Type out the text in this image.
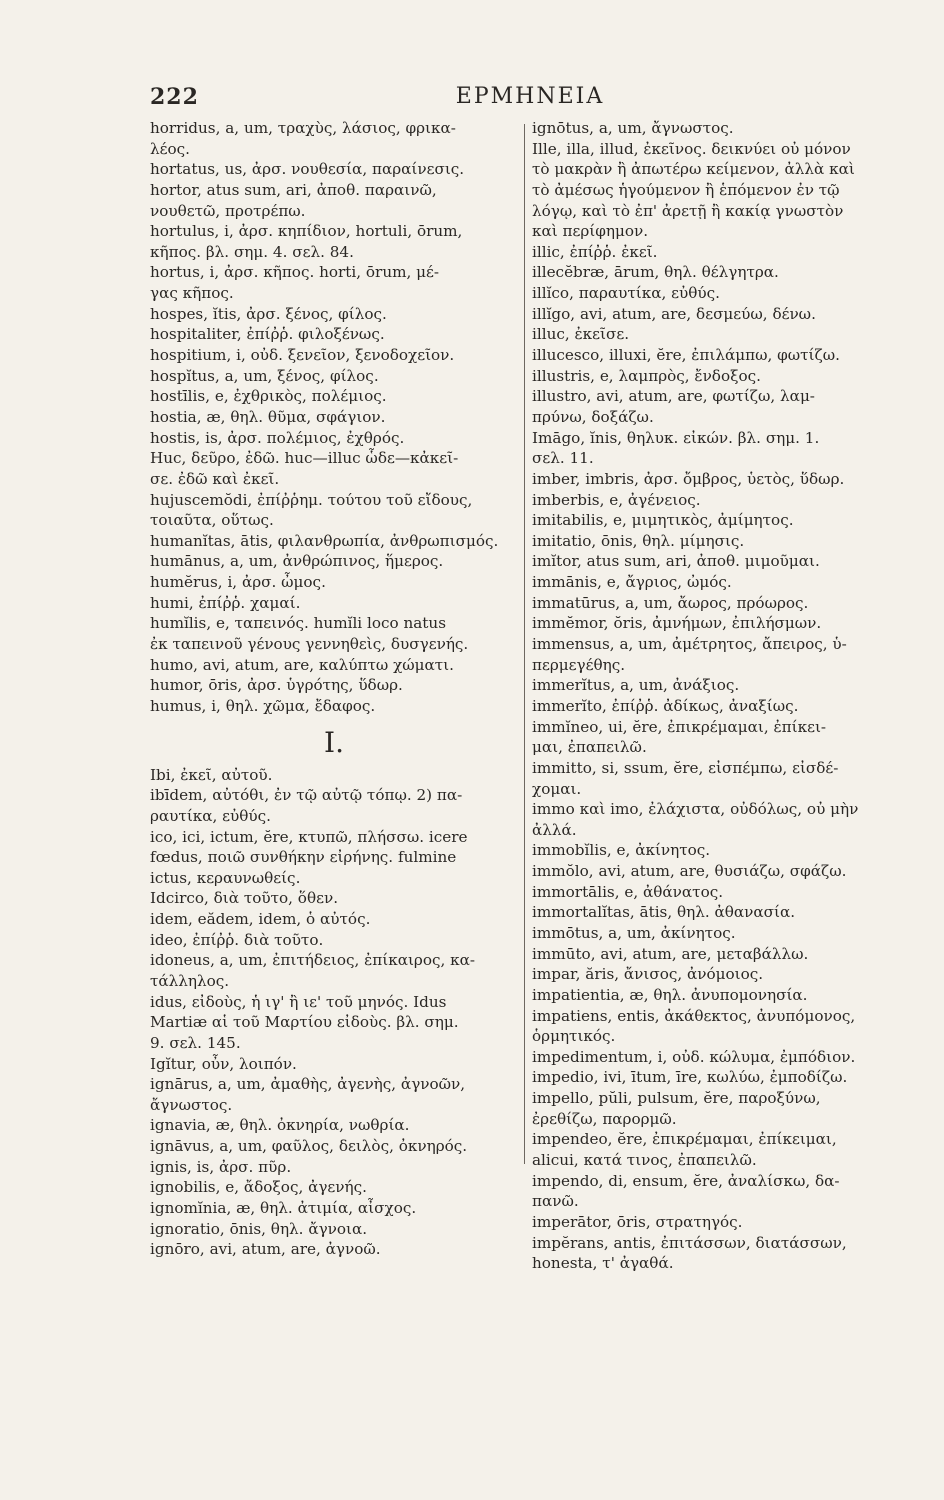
222	ΕΡΜΗΝΕΙΑ
horridus, a, um, τραχὺς, λάσιος, φρικα-
λέος.
hortatus, us, ἀρσ. νουθεσία, παραίνεσις.
hortor, atus sum, ari, ἀποθ. παραινῶ,
νουθετῶ, προτρέπω.
hortulus, i, ἀρσ. κηπίδιον, hortuli, ōrum,
κῆπος. βλ. σημ. 4. σελ. 84.
hortus, i, ἀρσ. κῆπος. horti, ōrum, μέ-
γας κῆπος.
hospes, ĭtis, ἀρσ. ξένος, φίλος.
hospitaliter, ἐπίῤῥ. φιλοξένως.
hospitium, i, οὐδ. ξενεῖον, ξενοδοχεῖον.
hospĭtus, a, um, ξένος, φίλος.
hostīlis, e, ἐχθρικὸς, πολέμιος.
hostia, æ, θηλ. θῦμα, σφάγιον.
hostis, is, ἀρσ. πολέμιος, ἐχθρός.
Huc, δεῦρο, ἐδῶ. huc—illuc ὧδε—κἀκεῖ-
σε. ἐδῶ καὶ ἐκεῖ.
hujuscemŏdi, ἐπίῤῥημ. τούτου τοῦ εἴδους,
τοιαῦτα, οὕτως.
humanĭtas, ātis, φιλανθρωπία, ἀνθρωπισμός.
humānus, a, um, ἀνθρώπινος, ἥμερος.
humĕrus, i, ἀρσ. ὦμος.
humi, ἐπίῤῥ. χαμαί.
humĭlis, e, ταπεινός. humĭli loco natus
ἐκ ταπεινοῦ γένους γεννηθεὶς, δυσγενής.
humo, avi, atum, are, καλύπτω χώματι.
humor, ōris, ἀρσ. ὑγρότης, ὕδωρ.
humus, i, θηλ. χῶμα, ἔδαφος.
I.
Ibi, ἐκεῖ, αὐτοῦ.
ibīdem, αὐτόθι, ἐν τῷ αὐτῷ τόπῳ. 2) πα-
ραυτίκα, εὐθύς.
ico, ici, ictum, ĕre, κτυπῶ, πλήσσω. icere
fœdus, ποιῶ συνθήκην εἰρήνης. fulmine
ictus, κεραυνωθείς.
Idcirco, διὰ τοῦτο, ὅθεν.
idem, eădem, idem, ὁ αὐτός.
ideo, ἐπίῤῥ. διὰ τοῦτο.
idoneus, a, um, ἐπιτήδειος, ἐπίκαιρος, κα-
τάλληλος.
idus, εἰδοὺς, ἡ ιγ' ἢ ιε' τοῦ μηνός. Idus
Martiæ αἱ τοῦ Μαρτίου εἰδοὺς. βλ. σημ.
9. σελ. 145.
Igĭtur, οὖν, λοιπόν.
ignārus, a, um, ἀμαθὴς, ἀγενὴς, ἀγνοῶν,
ἄγνωστος.
ignavia, æ, θηλ. ὀκνηρία, νωθρία.
ignāvus, a, um, φαῦλος, δειλὸς, ὀκνηρός.
ignis, is, ἀρσ. πῦρ.
ignobilis, e, ἄδοξος, ἀγενής.
ignomĭnia, æ, θηλ. ἀτιμία, αἶσχος.
ignoratio, ōnis, θηλ. ἄγνοια.
ignōro, avi, atum, are, ἀγνοῶ.
ignōtus, a, um, ἄγνωστος.
Ille, illa, illud, ἐκεῖνος. δεικνύει οὐ μόνον
τὸ μακρὰν ἢ ἀπωτέρω κείμενον, ἀλλὰ καὶ
τὸ ἀμέσως ἡγούμενον ἢ ἑπόμενον ἐν τῷ
λόγῳ, καὶ τὸ ἐπ' ἀρετῇ ἢ κακίᾳ γνωστὸν
καὶ περίφημον.
illic, ἐπίῤῥ. ἐκεῖ.
illecĕbræ, ārum, θηλ. θέλγητρα.
illĭco, παραυτίκα, εὐθύς.
illĭgo, avi, atum, are, δεσμεύω, δένω.
illuc, ἐκεῖσε.
illucesco, illuxi, ĕre, ἐπιλάμπω, φωτίζω.
illustris, e, λαμπρὸς, ἔνδοξος.
illustro, avi, atum, are, φωτίζω, λαμ-
πρύνω, δοξάζω.
Imāgo, ĭnis, θηλυκ. εἰκών. βλ. σημ. 1.
σελ. 11.
imber, imbris, ἀρσ. ὄμβρος, ὑετὸς, ὕδωρ.
imberbis, e, ἀγένειος.
imitabilis, e, μιμητικὸς, ἀμίμητος.
imitatio, ōnis, θηλ. μίμησις.
imĭtor, atus sum, ari, ἀποθ. μιμοῦμαι.
immānis, e, ἄγριος, ὠμός.
immatūrus, a, um, ἄωρος, πρόωρος.
immĕmor, ŏris, ἀμνήμων, ἐπιλήσμων.
immensus, a, um, ἀμέτρητος, ἄπειρος, ὑ-
περμεγέθης.
immerĭtus, a, um, ἀνάξιος.
immerĭto, ἐπίῤῥ. ἀδίκως, ἀναξίως.
immĭneo, ui, ĕre, ἐπικρέμαμαι, ἐπίκει-
μαι, ἐπαπειλῶ.
immitto, si, ssum, ĕre, εἰσπέμπω, εἰσδέ-
χομαι.
immo καὶ imo, ἐλάχιστα, οὐδόλως, οὐ μὴν
ἀλλά.
immobĭlis, e, ἀκίνητος.
immŏlo, avi, atum, are, θυσιάζω, σφάζω.
immortālis, e, ἀθάνατος.
immortalĭtas, ātis, θηλ. ἀθανασία.
immōtus, a, um, ἀκίνητος.
immūto, avi, atum, are, μεταβάλλω.
impar, ăris, ἄνισος, ἀνόμοιος.
impatientia, æ, θηλ. ἀνυπομονησία.
impatiens, entis, ἀκάθεκτος, ἀνυπόμονος,
ὁρμητικός.
impedimentum, i, οὐδ. κώλυμα, ἐμπόδιον.
impedio, ivi, ītum, īre, κωλύω, ἐμποδίζω.
impello, pŭli, pulsum, ĕre, παροξύνω,
ἐρεθίζω, παρορμῶ.
impendeo, ĕre, ἐπικρέμαμαι, ἐπίκειμαι,
alicui, κατά τινος, ἐπαπειλῶ.
impendo, di, ensum, ĕre, ἀναλίσκω, δα-
πανῶ.
imperātor, ōris, στρατηγός.
impĕrans, antis, ἐπιτάσσων, διατάσσων,
honesta, τ' ἀγαθά.
